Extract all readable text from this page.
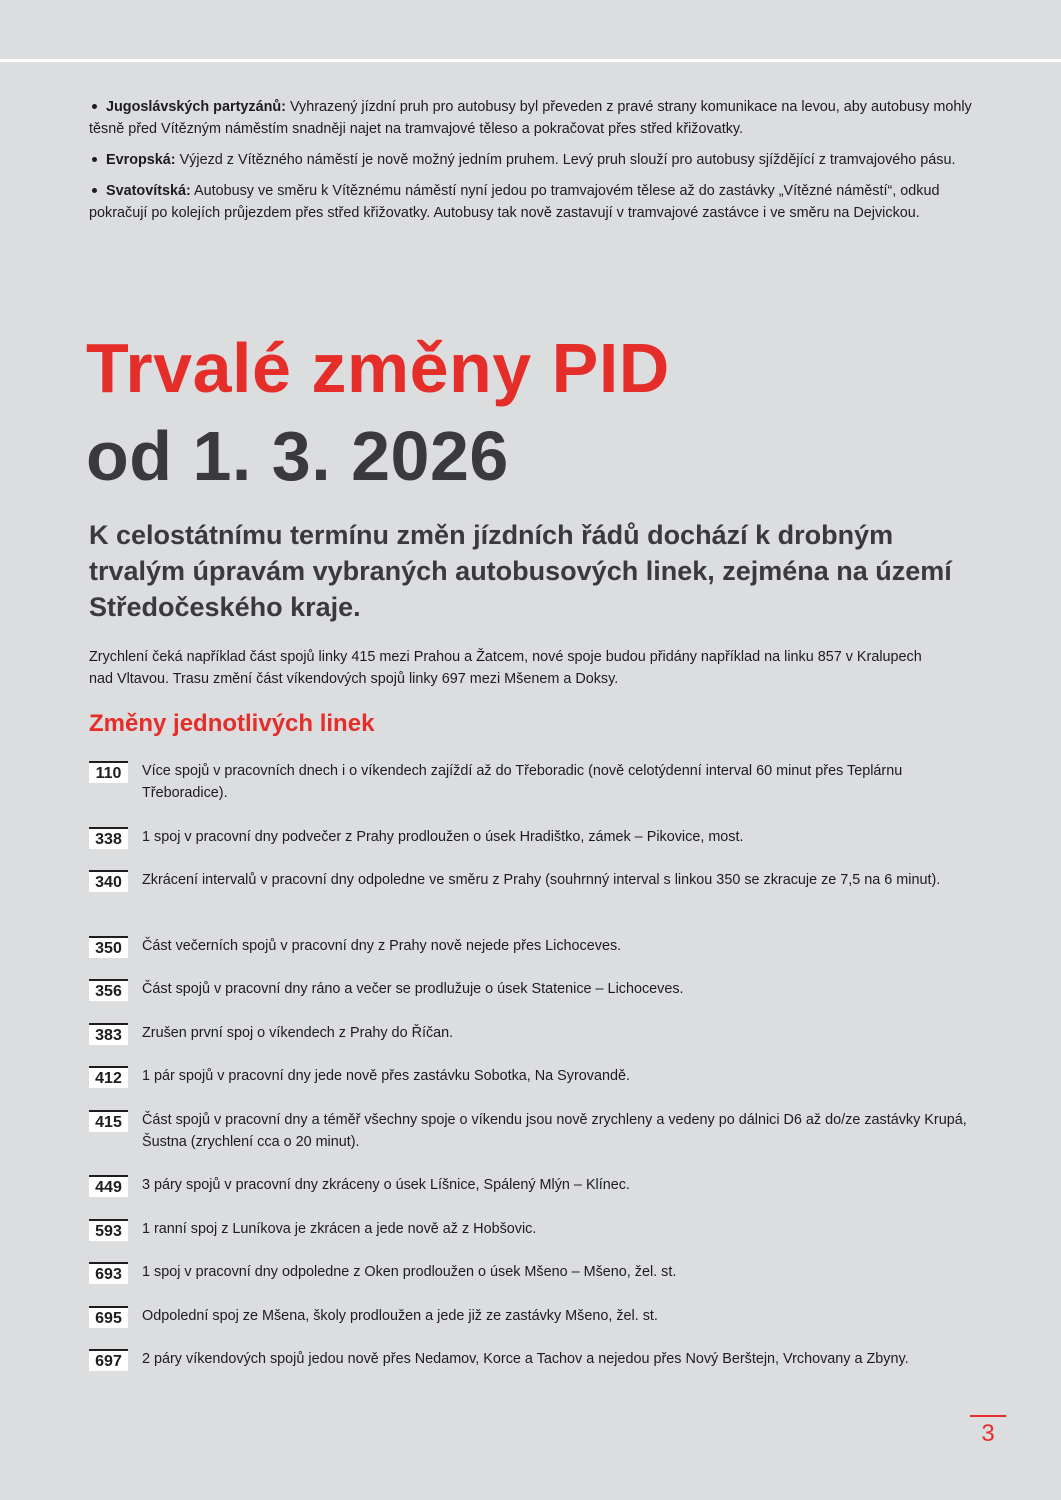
Jugoslávských partyzánů: Vyhrazený jízdní pruh pro autobusy byl převeden z pravé strany komunikace na levou, aby autobusy mohly těsně před Vítězným náměstím snadněji najet na tramvajové těleso a pokračovat přes střed křižovatky.

Evropská: Výjezd z Vítězného náměstí je nově možný jedním pruhem. Levý pruh slouží pro autobusy sjíždějící z tramvajového pásu.

Svatovítská: Autobusy ve směru k Vítěznému náměstí nyní jedou po tramvajovém tělese až do zastávky „Vítězné náměstí“, odkud pokračují po kolejích průjezdem přes střed křižovatky. Autobusy tak nově zastavují v tramvajové zastávce i ve směru na Dejvickou.

Trvalé změny PID
od 1. 3. 2026

K celostátnímu termínu změn jízdních řádů dochází k drobným trvalým úpravám vybraných autobusových linek, zejména na území Středočeského kraje.

Zrychlení čeká například část spojů linky 415 mezi Prahou a Žatcem, nové spoje budou přidány například na linku 857 v Kralupech nad Vltavou. Trasu změní část víkendových spojů linky 697 mezi Mšenem a Doksy.

Změny jednotlivých linek
110	Více spojů v pracovních dnech i o víkendech zajíždí až do Třeboradic (nově celotýdenní interval 60 minut přes Teplárnu Třeboradice).
338	1 spoj v pracovní dny podvečer z Prahy prodloužen o úsek Hradištko, zámek – Pikovice, most.
340	Zkrácení intervalů v pracovní dny odpoledne ve směru z Prahy (souhrnný interval s linkou 350 se zkracuje ze 7,5 na 6 minut).
350	Část večerních spojů v pracovní dny z Prahy nově nejede přes Lichoceves.
356	Část spojů v pracovní dny ráno a večer se prodlužuje o úsek Statenice – Lichoceves.
383	Zrušen první spoj o víkendech z Prahy do Říčan.
412	1 pár spojů v pracovní dny jede nově přes zastávku Sobotka, Na Syrovandě.
415	Část spojů v pracovní dny a téměř všechny spoje o víkendu jsou nově zrychleny a vedeny po dálnici D6 až do/ze zastávky Krupá, Šustna (zrychlení cca o 20 minut).
449	3 páry spojů v pracovní dny zkráceny o úsek Líšnice, Spálený Mlýn – Klínec.
593	1 ranní spoj z Luníkova je zkrácen a jede nově až z Hobšovic.
693	1 spoj v pracovní dny odpoledne z Oken prodloužen o úsek Mšeno – Mšeno, žel. st.
695	Odpolední spoj ze Mšena, školy prodloužen a jede již ze zastávky Mšeno, žel. st.
697	2 páry víkendových spojů jedou nově přes Nedamov, Korce a Tachov a nejedou přes Nový Berštejn, Vrchovany a Zbyny.
3
